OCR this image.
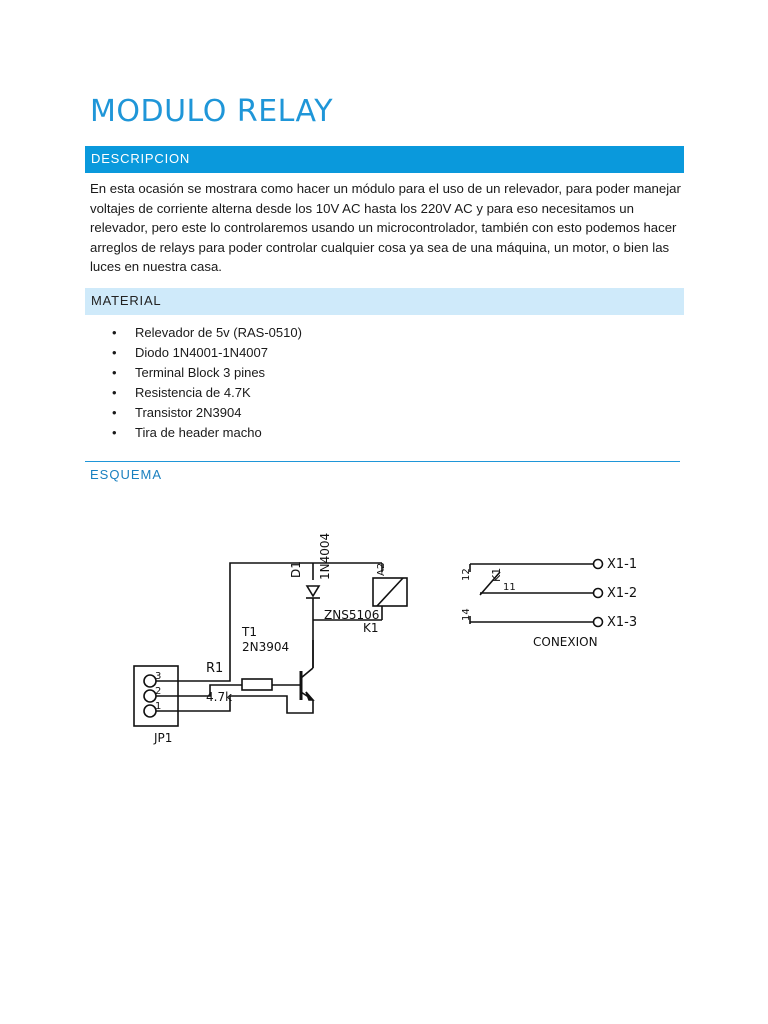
MODULO RELAY
DESCRIPCION
En esta ocasión se mostrara como hacer un módulo para el uso de un relevador, para poder manejar voltajes de corriente alterna desde los 10V AC hasta los 220V AC y para eso necesitamos un relevador, pero este lo controlaremos usando un microcontrolador, también con esto podemos hacer arreglos de relays para poder controlar cualquier cosa ya sea de una máquina, un motor, o bien las luces en nuestra casa.
MATERIAL
• Relevador de 5v (RAS-0510)
• Diodo 1N4001-1N4007
• Terminal Block 3 pines
• Resistencia de 4.7K
• Transistor 2N3904
• Tira de header macho
ESQUEMA
D1 1N4004	A2
ZNS5106
K1
T1
2N3904
R1
4.7k
3
2
1
JP1
12 K1
11
14
X1-1
X1-2
X1-3
CONEXION
